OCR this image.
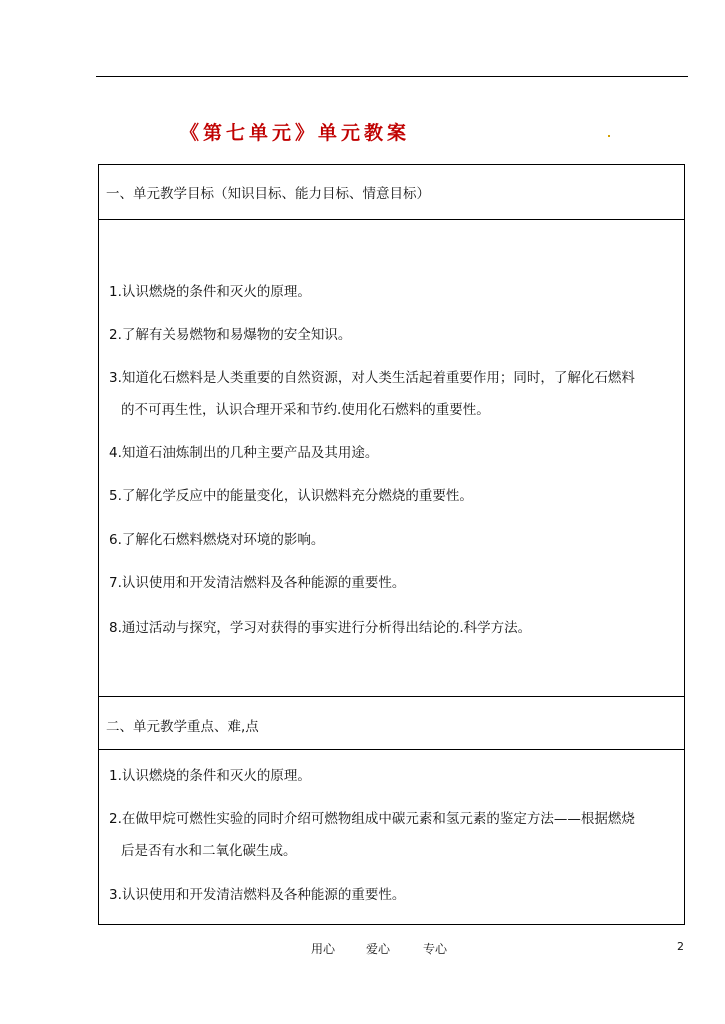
《第七单元》单元教案
一、单元教学目标（知识目标、能力目标、情意目标）
1.认识燃烧的条件和灭火的原理。
2.了解有关易燃物和易爆物的安全知识。
3.知道化石燃料是人类重要的自然资源，对人类生活起着重要作用；同时，了解化石燃料
的不可再生性，认识合理开采和节约.使用化石燃料的重要性。
4.知道石油炼制出的几种主要产品及其用途。
5.了解化学反应中的能量变化，认识燃料充分燃烧的重要性。
6.了解化石燃料燃烧对环境的影响。
7.认识使用和开发清洁燃料及各种能源的重要性。
8.通过活动与探究，学习对获得的事实进行分析得出结论的.科学方法。
二、单元教学重点、难,点
1.认识燃烧的条件和灭火的原理。
2.在做甲烷可燃性实验的同时介绍可燃物组成中碳元素和氢元素的鉴定方法——根据燃烧
后是否有水和二氧化碳生成。
3.认识使用和开发清洁燃料及各种能源的重要性。
用心	爱心	专心	2
